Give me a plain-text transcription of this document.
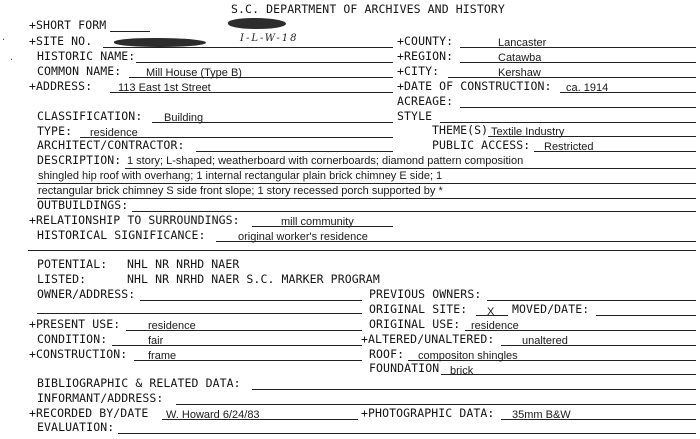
S.C. DEPARTMENT OF ARCHIVES AND HISTORY
+SHORT FORM
·
·
+SITE NO.	I-L-W-18	+COUNTY:	Lancaster
HISTORIC NAME:	+REGION:	Catawba
COMMON NAME: Mill House (Type B)	+CITY:	Kershaw
+ADDRESS: 113 East 1st Street	+DATE OF CONSTRUCTION: ca. 1914
ACREAGE:
CLASSIFICATION: Building	STYLE
TYPE: residence	THEME(S) Textile Industry
ARCHITECT/CONTRACTOR:	PUBLIC ACCESS: Restricted
DESCRIPTION: 1 story; L-shaped; weatherboard with cornerboards; diamond pattern composition
shingled hip roof with overhang; 1 internal rectangular plain brick chimney E side; 1
rectangular brick chimney S side front slope; 1 story recessed porch supported by *
OUTBUILDINGS:
+RELATIONSHIP TO SURROUNDINGS:	mill community
HISTORICAL SIGNIFICANCE:	original worker's residence
POTENTIAL: NHL NR NRHD NAER
LISTED:	NHL NR NRHD NAER S.C. MARKER PROGRAM
OWNER/ADDRESS:	PREVIOUS OWNERS:
ORIGINAL SITE: X MOVED/DATE:
+PRESENT USE:	residence	ORIGINAL USE: residence
CONDITION:	fair	+ALTERED/UNALTERED:	unaltered
+CONSTRUCTION: frame	ROOF: compositon shingles
FOUNDATION brick
BIBLIOGRAPHIC & RELATED DATA:
INFORMANT/ADDRESS:
+RECORDED BY/DATE W. Howard 6/24/83	+PHOTOGRAPHIC DATA: 35mm B&W
EVALUATION:
